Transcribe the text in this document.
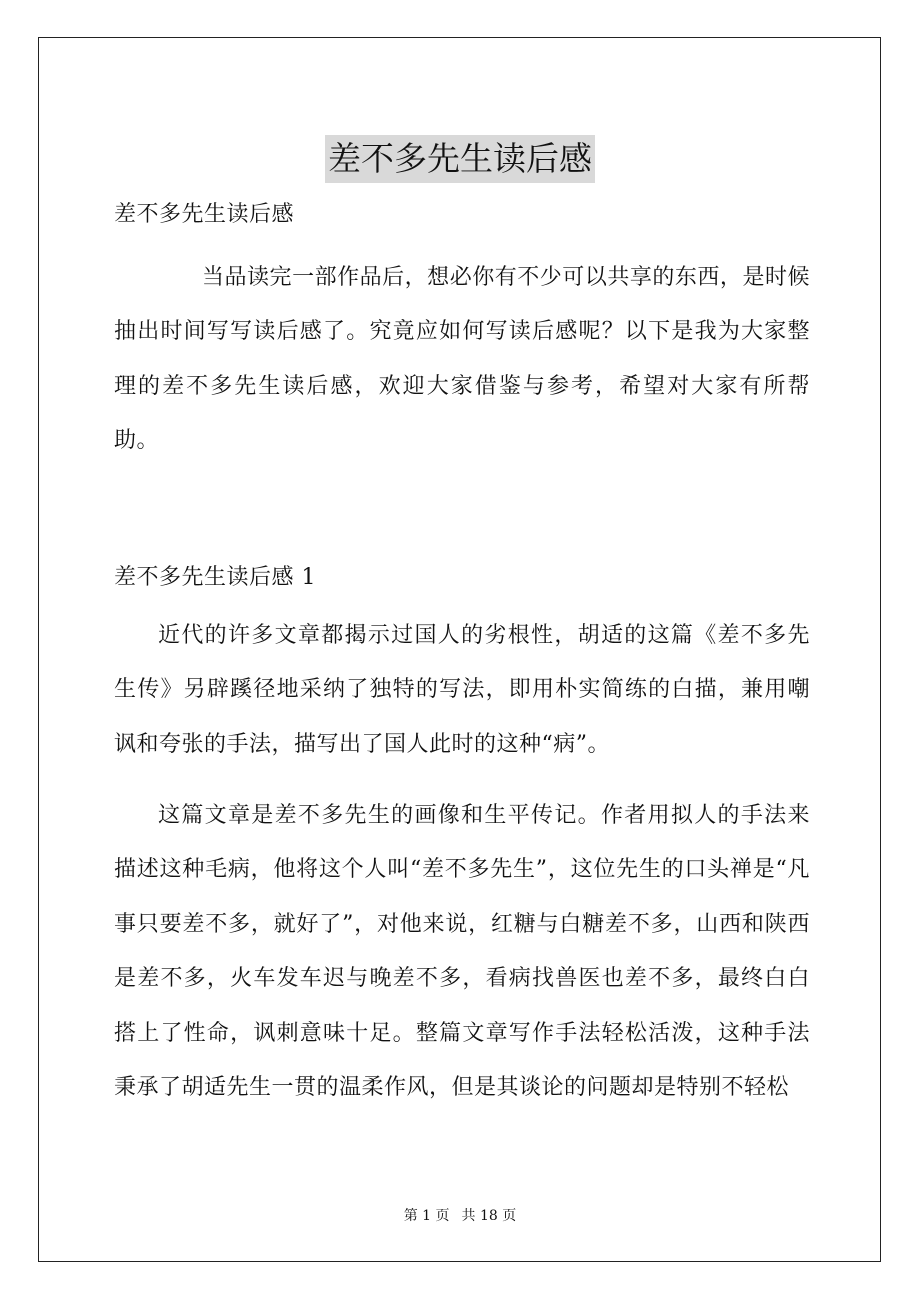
差不多先生读后感

差不多先生读后感

当品读完一部作品后，想必你有不少可以共享的东西，是时候抽出时间写写读后感了。究竟应如何写读后感呢？以下是我为大家整理的差不多先生读后感，欢迎大家借鉴与参考，希望对大家有所帮助。

差不多先生读后感 1

近代的许多文章都揭示过国人的劣根性，胡适的这篇《差不多先生传》另辟蹊径地采纳了独特的写法，即用朴实简练的白描，兼用嘲讽和夸张的手法，描写出了国人此时的这种“病”。

这篇文章是差不多先生的画像和生平传记。作者用拟人的手法来描述这种毛病，他将这个人叫“差不多先生”，这位先生的口头禅是“凡事只要差不多，就好了”，对他来说，红糖与白糖差不多，山西和陕西是差不多，火车发车迟与晚差不多，看病找兽医也差不多，最终白白搭上了性命，讽刺意味十足。整篇文章写作手法轻松活泼，这种手法秉承了胡适先生一贯的温柔作风，但是其谈论的问题却是特别不轻松

第 1 页 共 18 页
